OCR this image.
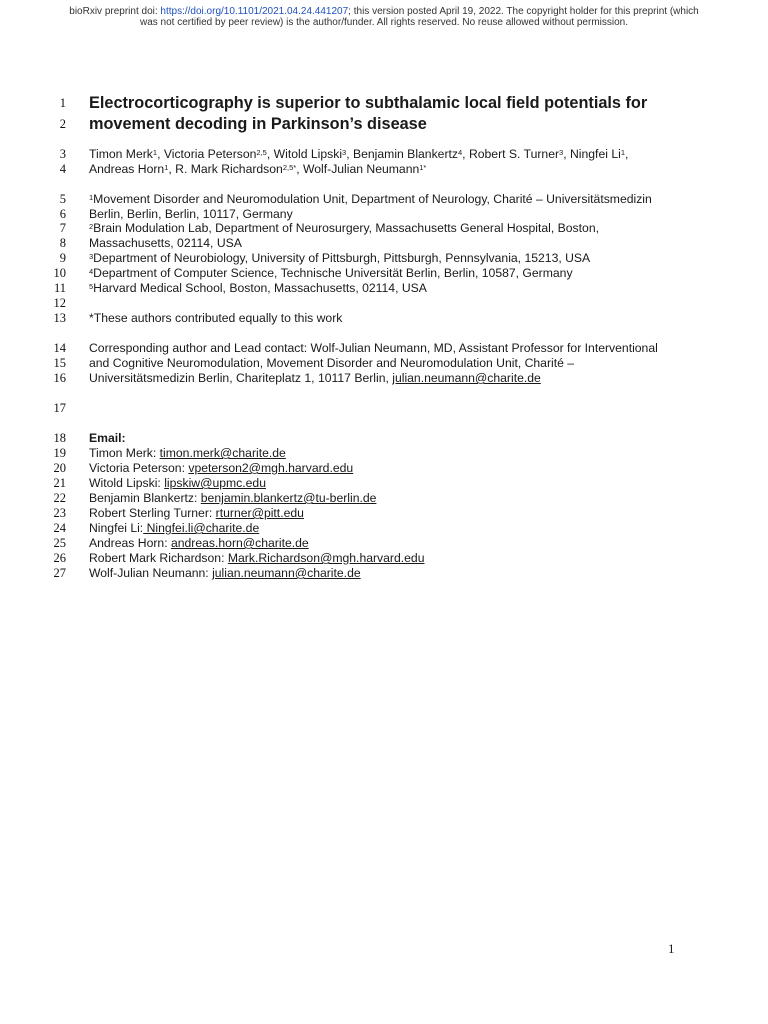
bioRxiv preprint doi: https://doi.org/10.1101/2021.04.24.441207; this version posted April 19, 2022. The copyright holder for this preprint (which
was not certified by peer review) is the author/funder. All rights reserved. No reuse allowed without permission.
1
2
3
4
5
6
7
8
9
10
11
12
13
14
15
16
17
18
19
20
21
22
23
24
25
26
27
Electrocorticography is superior to subthalamic local field potentials for
movement decoding in Parkinson’s disease
Timon Merk$^1$, Victoria Peterson$^{2,5}$, Witold Lipski$^3$, Benjamin Blankertz$^4$, Robert S. Turner$^3$, Ningfei Li$^1$,
Andreas Horn$^1$, R. Mark Richardson$^{2,5*}$, Wolf-Julian Neumann$^{1*}$
$^1$Movement Disorder and Neuromodulation Unit, Department of Neurology, Charité – Universitätsmedizin
Berlin, Berlin, Berlin, 10117, Germany
$^2$Brain Modulation Lab, Department of Neurosurgery, Massachusetts General Hospital, Boston,
Massachusetts, 02114, USA
$^3$Department of Neurobiology, University of Pittsburgh, Pittsburgh, Pennsylvania, 15213, USA
$^4$Department of Computer Science, Technische Universität Berlin, Berlin, 10587, Germany
$^5$Harvard Medical School, Boston, Massachusetts, 02114, USA
*These authors contributed equally to this work
Corresponding author and Lead contact: Wolf-Julian Neumann, MD, Assistant Professor for Interventional
and Cognitive Neuromodulation, Movement Disorder and Neuromodulation Unit, Charité –
Universitätsmedizin Berlin, Chariteplatz 1, 10117 Berlin, julian.neumann@charite.de
Email:
Timon Merk: timon.merk@charite.de
Victoria Peterson: vpeterson2@mgh.harvard.edu
Witold Lipski: lipskiw@upmc.edu
Benjamin Blankertz: benjamin.blankertz@tu-berlin.de
Robert Sterling Turner: rturner@pitt.edu
Ningfei Li: Ningfei.li@charite.de
Andreas Horn: andreas.horn@charite.de
Robert Mark Richardson: Mark.Richardson@mgh.harvard.edu
Wolf-Julian Neumann: julian.neumann@charite.de
1
